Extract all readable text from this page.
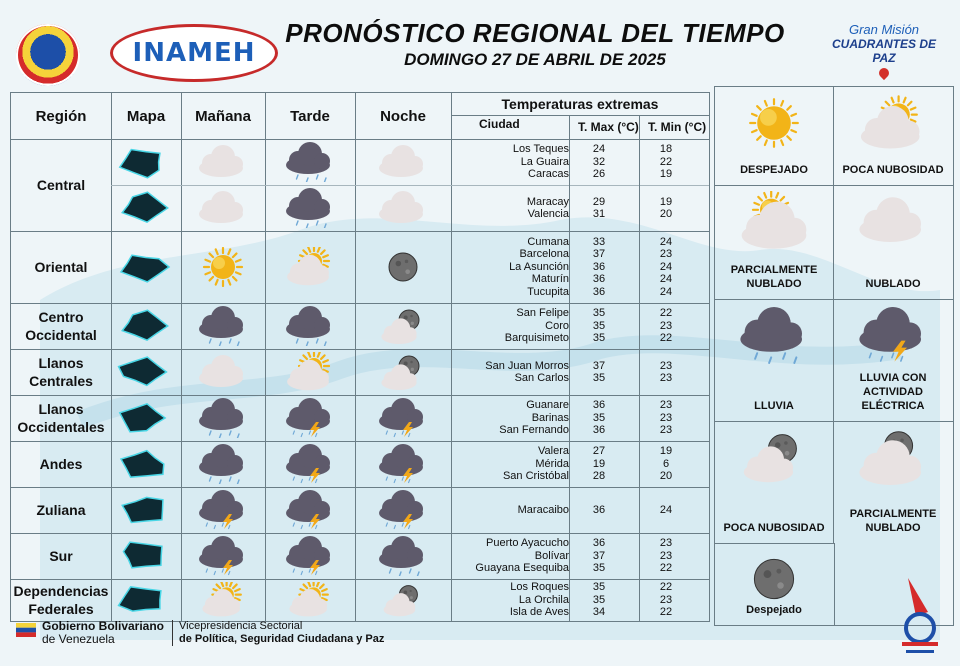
INAMEH
PRONÓSTICO REGIONAL DEL TIEMPO
DOMINGO 27 DE ABRIL DE 2025
Gran Misión
CUADRANTES DE PAZ
Región	Mapa	Mañana	Tarde	Noche
Temperaturas extremas
Ciudad	T. Max (°C) T. Min (°C)
Central
Los Teques	24	18
La Guaira	32	22
Caracas	26	19
Maracay	29	19
Valencia	31	20
Oriental
Cumana	33	24
Barcelona	37	23
La Asunción	36	24
Maturín	36	24
Tucupita	36	24
Centro Occidental
San Felipe	35	22
Coro	35	23
Barquisimeto	35	22
Llanos Centrales
San Juan Morros	37	23
San Carlos	35	23
Llanos Occidentales
Guanare	36	23
Barinas	35	23
San Fernando	36	23
Andes
Valera	27	19
Mérida	19	6
San Cristóbal	28	20
Zuliana	Maracaibo	36	24
Sur
Puerto Ayacucho	36	23
Bolívar	37	23
Guayana Esequiba	35	22
Dependencias Federales
Los Roques	35	22
La Orchila	35	23
Isla de Aves	34	22
DESPEJADO	POCA NUBOSIDAD
PARCIALMENTE NUBLADO	NUBLADO
LLUVIA
LLUVIA CON ACTIVIDAD ELÉCTRICA
POCA NUBOSIDAD
PARCIALMENTE NUBLADO
Despejado
Gobierno Bolivariano
de Venezuela
Vicepresidencia Sectorial
de Política, Seguridad Ciudadana y Paz
